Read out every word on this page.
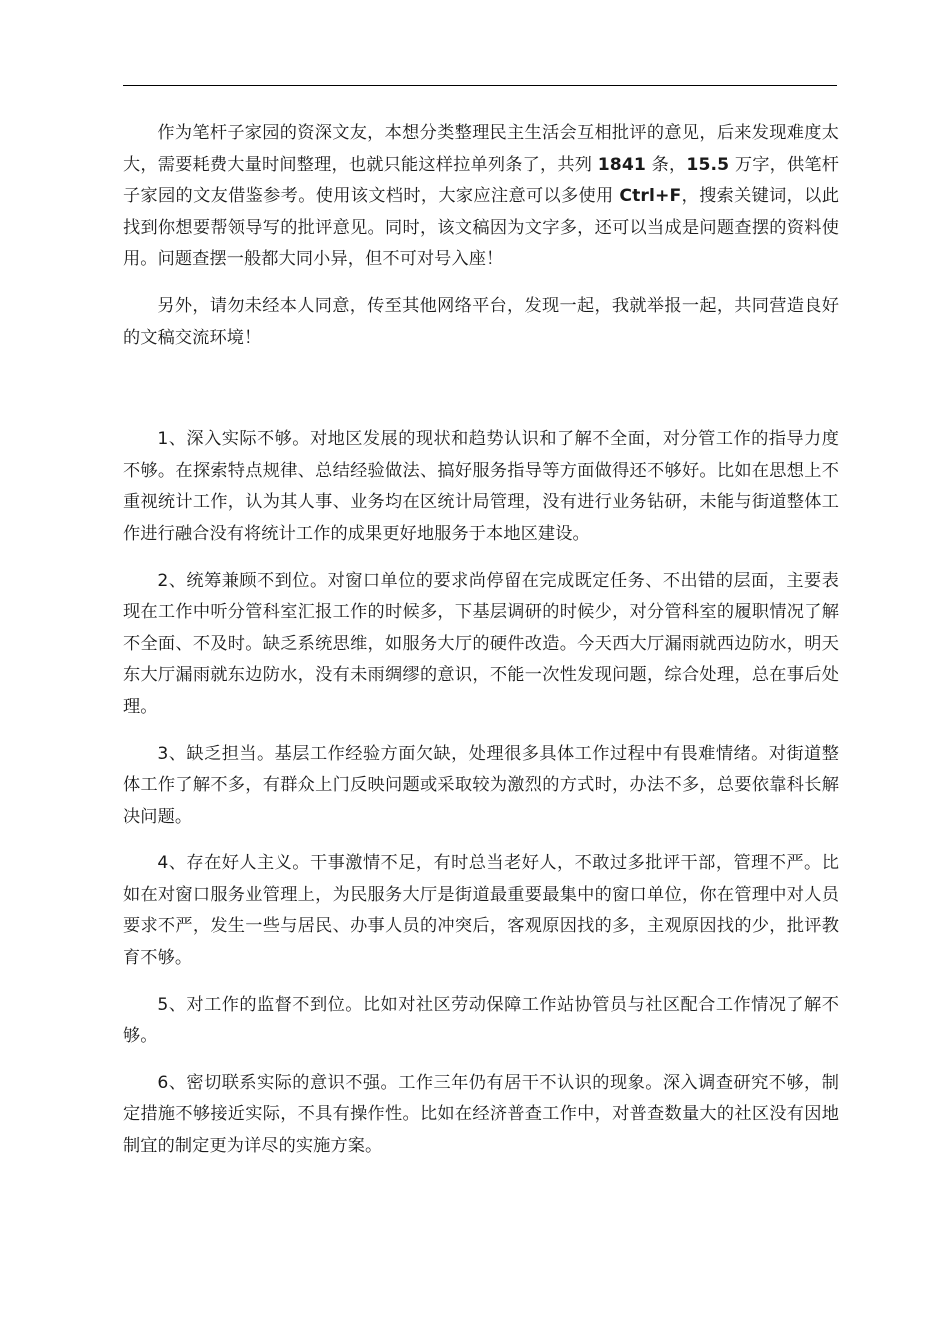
作为笔杆子家园的资深文友，本想分类整理民主生活会互相批评的意见，后来发现难度太大，需要耗费大量时间整理，也就只能这样拉单列条了，共列 1841 条，15.5 万字，供笔杆子家园的文友借鉴参考。使用该文档时，大家应注意可以多使用 Ctrl+F，搜索关键词，以此找到你想要帮领导写的批评意见。同时，该文稿因为文字多，还可以当成是问题查摆的资料使用。问题查摆一般都大同小异，但不可对号入座！

另外，请勿未经本人同意，传至其他网络平台，发现一起，我就举报一起，共同营造良好的文稿交流环境！

1、深入实际不够。对地区发展的现状和趋势认识和了解不全面，对分管工作的指导力度不够。在探索特点规律、总结经验做法、搞好服务指导等方面做得还不够好。比如在思想上不重视统计工作，认为其人事、业务均在区统计局管理，没有进行业务钻研，未能与街道整体工作进行融合没有将统计工作的成果更好地服务于本地区建设。

2、统筹兼顾不到位。对窗口单位的要求尚停留在完成既定任务、不出错的层面，主要表现在工作中听分管科室汇报工作的时候多，下基层调研的时候少，对分管科室的履职情况了解不全面、不及时。缺乏系统思维，如服务大厅的硬件改造。今天西大厅漏雨就西边防水，明天东大厅漏雨就东边防水，没有未雨绸缪的意识，不能一次性发现问题，综合处理，总在事后处理。

3、缺乏担当。基层工作经验方面欠缺，处理很多具体工作过程中有畏难情绪。对街道整体工作了解不多，有群众上门反映问题或采取较为激烈的方式时，办法不多，总要依靠科长解决问题。

4、存在好人主义。干事激情不足，有时总当老好人，不敢过多批评干部，管理不严。比如在对窗口服务业管理上，为民服务大厅是街道最重要最集中的窗口单位，你在管理中对人员要求不严，发生一些与居民、办事人员的冲突后，客观原因找的多，主观原因找的少，批评教育不够。

5、对工作的监督不到位。比如对社区劳动保障工作站协管员与社区配合工作情况了解不够。

6、密切联系实际的意识不强。工作三年仍有居干不认识的现象。深入调查研究不够，制定措施不够接近实际，不具有操作性。比如在经济普查工作中，对普查数量大的社区没有因地制宜的制定更为详尽的实施方案。
